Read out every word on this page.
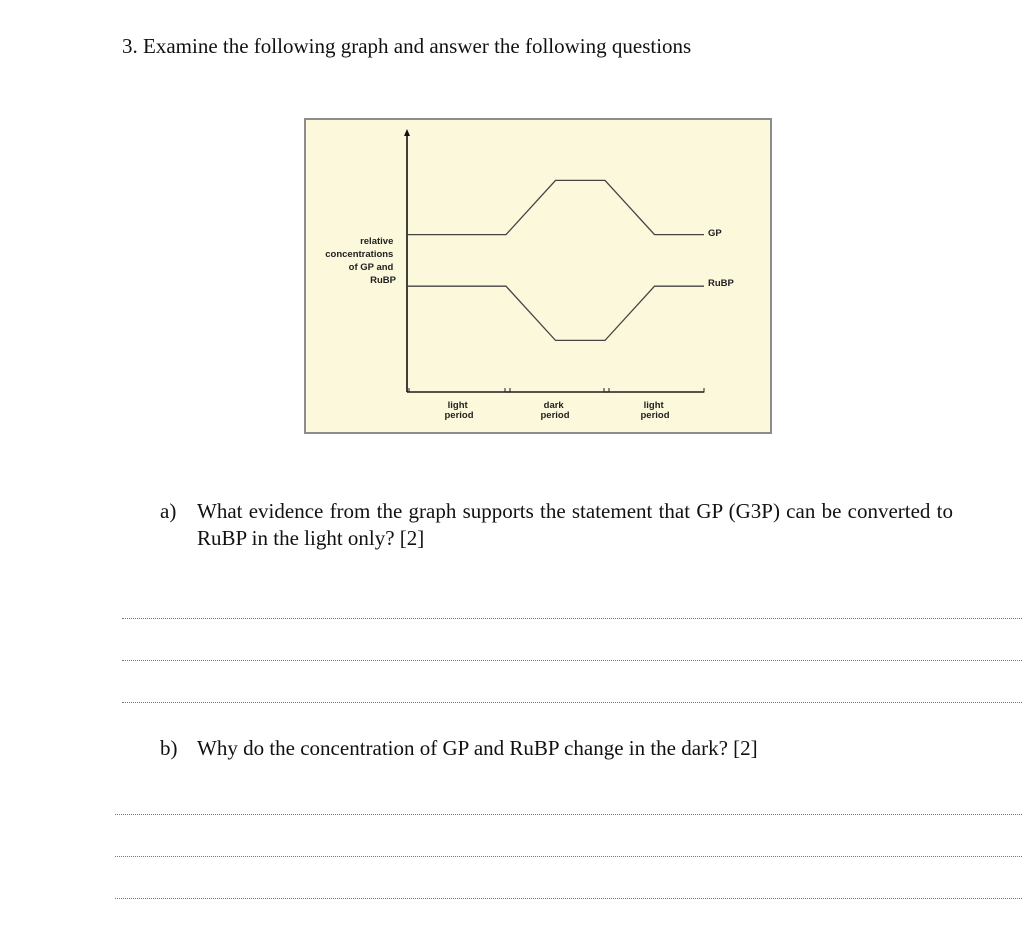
3. Examine the following graph and answer the following questions
relative concentrations of GP and RuBP
light period
dark period
light period
GP
RuBP
a) What evidence from the graph supports the statement that GP (G3P) can be converted to RuBP in the light only? [2]
b) Why do the concentration of GP and RuBP change in the dark? [2]
